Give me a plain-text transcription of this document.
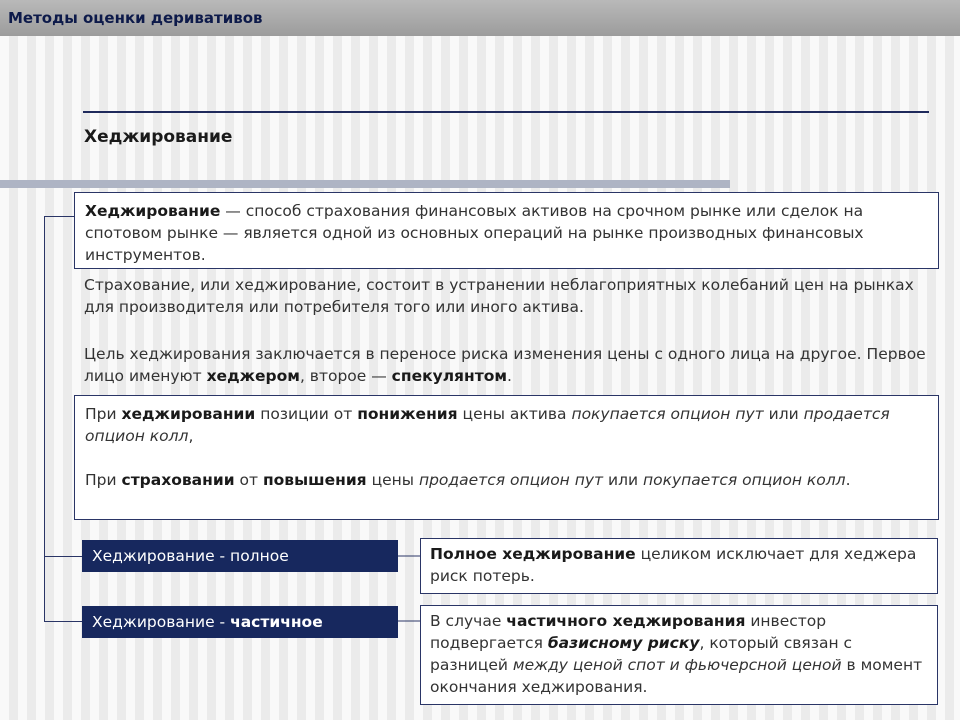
Методы оценки деривативов
Хеджирование
Хеджирование — способ страхования финансовых активов на срочном рынке или сделок на спотовом рынке — является одной из основных операций на рынке производных финансовых инструментов.
Страхование, или хеджирование, состоит в устранении неблагоприятных колебаний цен на рынках для производителя или потребителя того или иного актива.
Цель хеджирования заключается в переносе риска изменения цены с одного лица на другое. Первое лицо именуют хеджером, второе — спекулянтом.
При хеджировании позиции от понижения цены актива покупается опцион пут или продается опцион колл,
При страховании от повышения цены продается опцион пут или покупается опцион колл.
Хеджирование - полное
Хеджирование - частичное
Полное хеджирование целиком исключает для хеджера риск потерь.
В случае частичного хеджирования инвестор подвергается базисному риску, который связан с разницей между ценой спот и фьючерсной ценой в момент окончания хеджирования.
